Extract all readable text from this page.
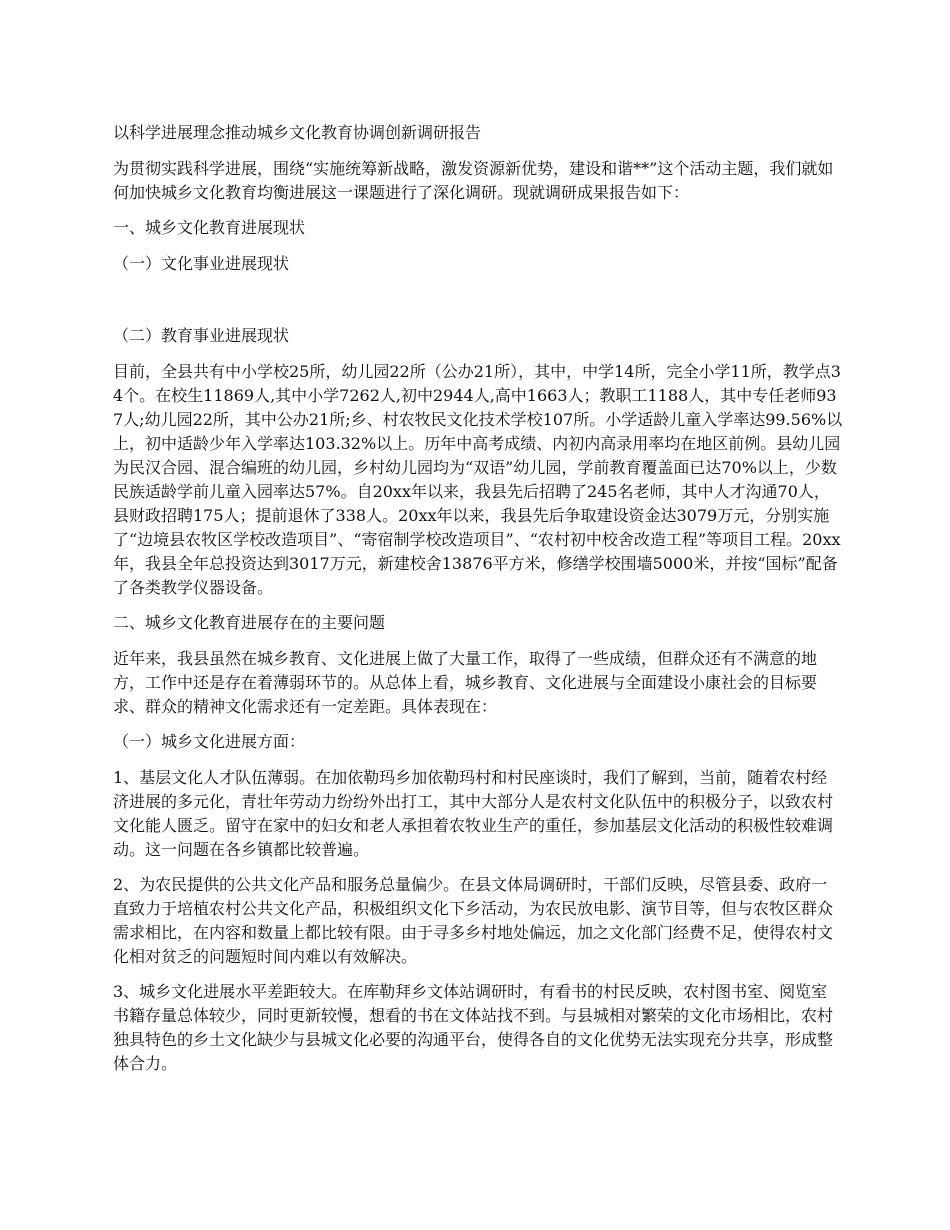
以科学进展理念推动城乡文化教育协调创新调研报告

为贯彻实践科学进展，围绕“实施统筹新战略，激发资源新优势，建设和谐**”这个活动主题，我们就如何加快城乡文化教育均衡进展这一课题进行了深化调研。现就调研成果报告如下：

一、城乡文化教育进展现状

（一）文化事业进展现状

（二）教育事业进展现状

目前，全县共有中小学校25所，幼儿园22所（公办21所），其中，中学14所，完全小学11所，教学点34个。在校生11869人,其中小学7262人,初中2944人,高中1663人；教职工1188人，其中专任老师937人;幼儿园22所，其中公办21所;乡、村农牧民文化技术学校107所。小学适龄儿童入学率达99.56%以上，初中适龄少年入学率达103.32%以上。历年中高考成绩、内初内高录用率均在地区前例。县幼儿园为民汉合园、混合编班的幼儿园，乡村幼儿园均为“双语”幼儿园，学前教育覆盖面已达70%以上，少数民族适龄学前儿童入园率达57%。自20xx年以来，我县先后招聘了245名老师，其中人才沟通70人，县财政招聘175人；提前退休了338人。20xx年以来，我县先后争取建设资金达3079万元，分别实施了“边境县农牧区学校改造项目”、“寄宿制学校改造项目”、“农村初中校舍改造工程”等项目工程。20xx年，我县全年总投资达到3017万元，新建校舍13876平方米，修缮学校围墙5000米，并按“国标”配备了各类教学仪器设备。

二、城乡文化教育进展存在的主要问题

近年来，我县虽然在城乡教育、文化进展上做了大量工作，取得了一些成绩，但群众还有不满意的地方，工作中还是存在着薄弱环节的。从总体上看，城乡教育、文化进展与全面建设小康社会的目标要求、群众的精神文化需求还有一定差距。具体表现在：

（一）城乡文化进展方面：

1、基层文化人才队伍薄弱。在加依勒玛乡加依勒玛村和村民座谈时，我们了解到，当前，随着农村经济进展的多元化，青壮年劳动力纷纷外出打工，其中大部分人是农村文化队伍中的积极分子，以致农村文化能人匮乏。留守在家中的妇女和老人承担着农牧业生产的重任，参加基层文化活动的积极性较难调动。这一问题在各乡镇都比较普遍。

2、为农民提供的公共文化产品和服务总量偏少。在县文体局调研时，干部们反映，尽管县委、政府一直致力于培植农村公共文化产品，积极组织文化下乡活动，为农民放电影、演节目等，但与农牧区群众需求相比，在内容和数量上都比较有限。由于寻多乡村地处偏远，加之文化部门经费不足，使得农村文化相对贫乏的问题短时间内难以有效解决。

3、城乡文化进展水平差距较大。在库勒拜乡文体站调研时，有看书的村民反映，农村图书室、阅览室书籍存量总体较少，同时更新较慢，想看的书在文体站找不到。与县城相对繁荣的文化市场相比，农村独具特色的乡土文化缺少与县城文化必要的沟通平台，使得各自的文化优势无法实现充分共享，形成整体合力。
